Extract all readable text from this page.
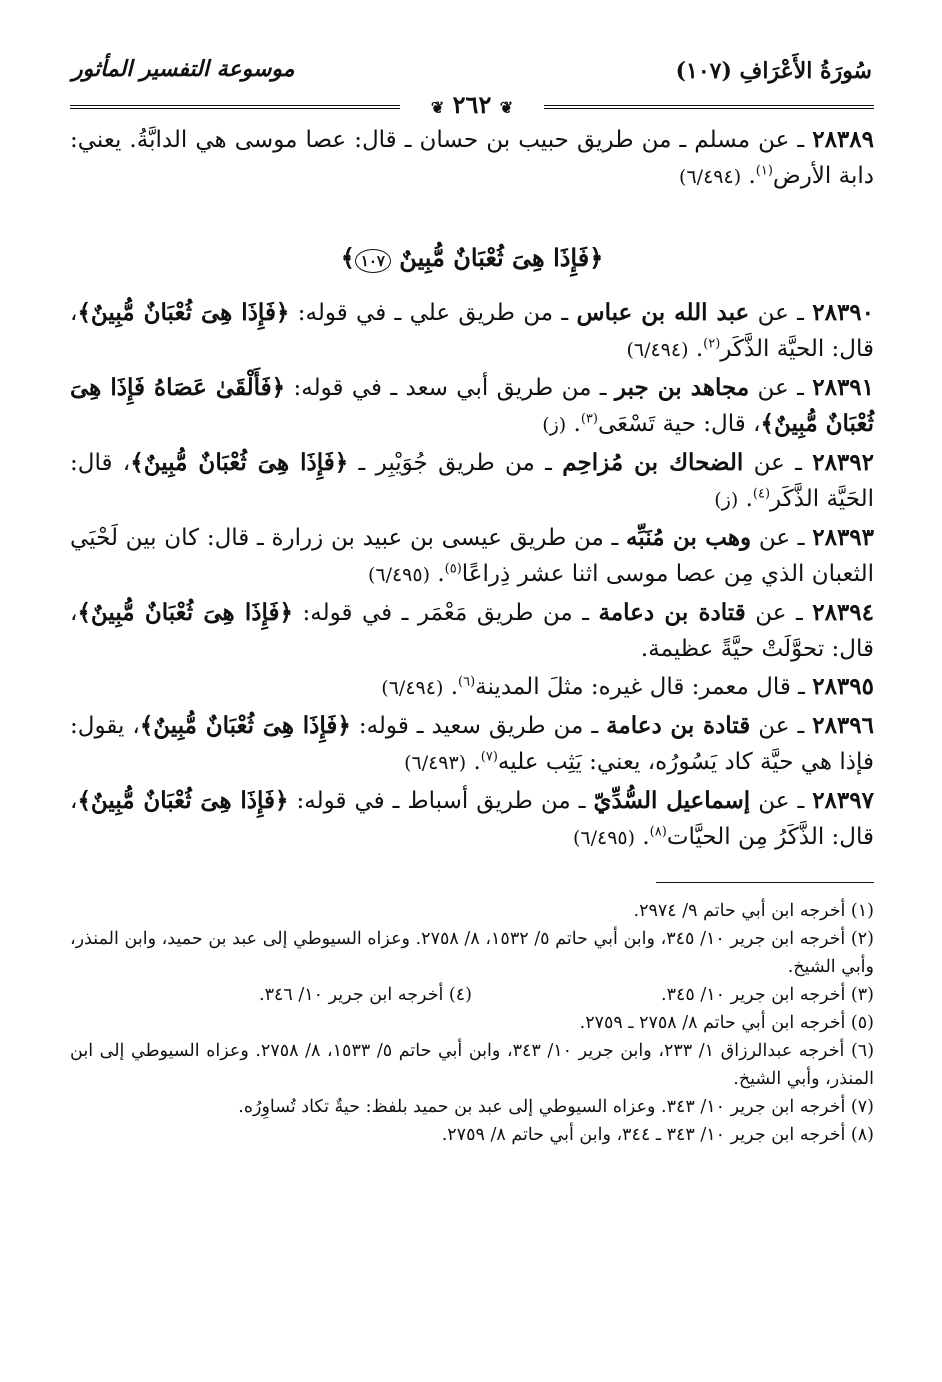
سُورَةُ الأَعْرَافِ (١٠٧)
موسوعة التفسير المأثور
❦ ٢٦٢ ❦

٢٨٣٨٩ ـ عن مسلم ـ من طريق حبيب بن حسان ـ قال: عصا موسى هي الدابَّةُ. يعني: دابة الأرض$^{(١)}$. (٦/٤٩٤)

﴿فَإِذَا هِىَ ثُعْبَانٌ مُّبِينٌ ١٠٧﴾

٢٨٣٩٠ ـ عن عبد الله بن عباس ـ من طريق علي ـ في قوله: ﴿فَإِذَا هِىَ ثُعْبَانٌ مُّبِينٌ﴾، قال: الحيَّة الذَّكَر$^{(٢)}$. (٦/٤٩٤)

٢٨٣٩١ ـ عن مجاهد بن جبر ـ من طريق أبي سعد ـ في قوله: ﴿فَأَلْقَىٰ عَصَاهُ فَإِذَا هِىَ ثُعْبَانٌ مُّبِينٌ﴾، قال: حية تَسْعَى$^{(٣)}$. (ز)

٢٨٣٩٢ ـ عن الضحاك بن مُزاحِم ـ من طريق جُوَيْبِر ـ ﴿فَإِذَا هِىَ ثُعْبَانٌ مُّبِينٌ﴾، قال: الحَيَّة الذَّكَر$^{(٤)}$. (ز)

٢٨٣٩٣ ـ عن وهب بن مُنَبِّه ـ من طريق عيسى بن عبيد بن زرارة ـ قال: كان بين لَحْيَي الثعبان الذي مِن عصا موسى اثنا عشر ذِراعًا$^{(٥)}$. (٦/٤٩٥)

٢٨٣٩٤ ـ عن قتادة بن دعامة ـ من طريق مَعْمَر ـ في قوله: ﴿فَإِذَا هِىَ ثُعْبَانٌ مُّبِينٌ﴾، قال: تحوَّلَتْ حيَّةً عظيمة.

٢٨٣٩٥ ـ قال معمر: قال غيره: مثلَ المدينة$^{(٦)}$. (٦/٤٩٤)

٢٨٣٩٦ ـ عن قتادة بن دعامة ـ من طريق سعيد ـ قوله: ﴿فَإِذَا هِىَ ثُعْبَانٌ مُّبِينٌ﴾، يقول: فإذا هي حيَّة كاد يَسُورُه، يعني: يَثِب عليه$^{(٧)}$. (٦/٤٩٣)

٢٨٣٩٧ ـ عن إسماعيل السُّدِّيّ ـ من طريق أسباط ـ في قوله: ﴿فَإِذَا هِىَ ثُعْبَانٌ مُّبِينٌ﴾، قال: الذَّكَرُ مِن الحيَّات$^{(٨)}$. (٦/٤٩٥)

(١) أخرجه ابن أبي حاتم ٩/ ٢٩٧٤.

(٢) أخرجه ابن جرير ١٠/ ٣٤٥، وابن أبي حاتم ٥/ ١٥٣٢، ٨/ ٢٧٥٨. وعزاه السيوطي إلى عبد بن حميد، وابن المنذر، وأبي الشيخ.

(٣) أخرجه ابن جرير ١٠/ ٣٤٥.
(٤) أخرجه ابن جرير ١٠/ ٣٤٦.

(٥) أخرجه ابن أبي حاتم ٨/ ٢٧٥٨ ـ ٢٧٥٩.

(٦) أخرجه عبدالرزاق ١/ ٢٣٣، وابن جرير ١٠/ ٣٤٣، وابن أبي حاتم ٥/ ١٥٣٣، ٨/ ٢٧٥٨. وعزاه السيوطي إلى ابن المنذر، وأبي الشيخ.

(٧) أخرجه ابن جرير ١٠/ ٣٤٣. وعزاه السيوطي إلى عبد بن حميد بلفظ: حيةٌ تكاد تُساوِرُه.

(٨) أخرجه ابن جرير ١٠/ ٣٤٣ ـ ٣٤٤، وابن أبي حاتم ٨/ ٢٧٥٩.
